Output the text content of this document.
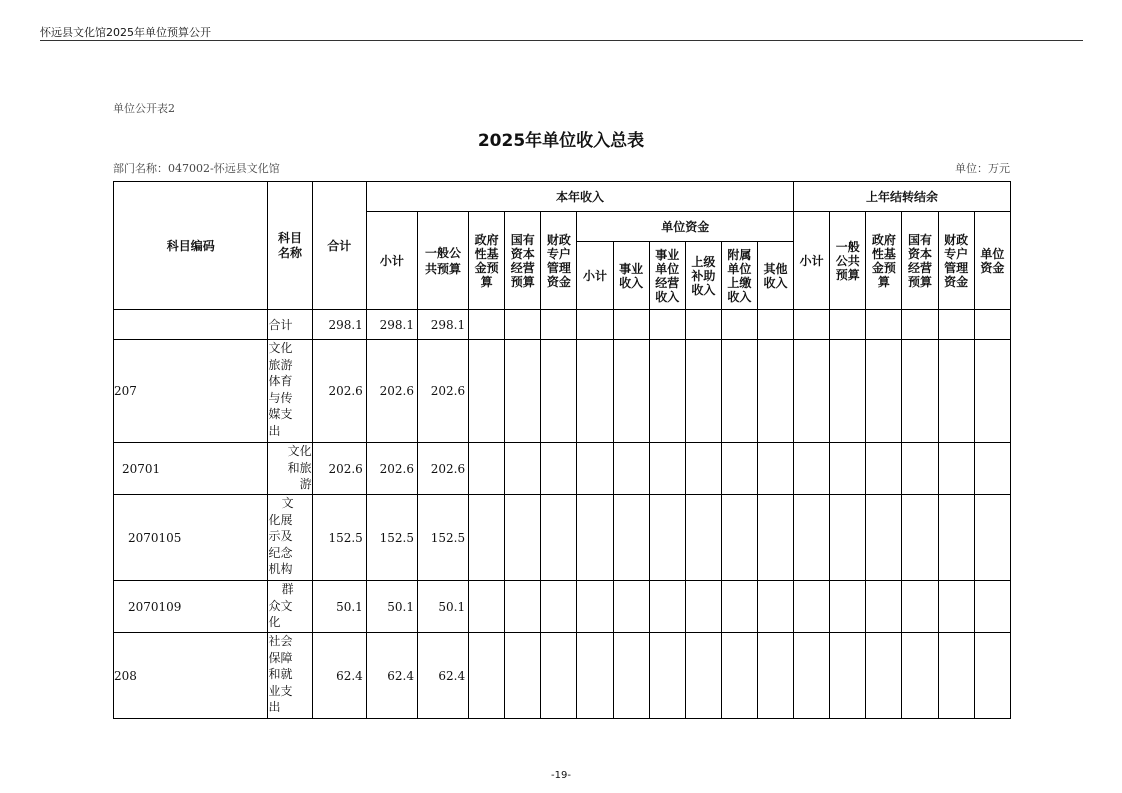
怀远县文化馆2025年单位预算公开
单位公开表2
2025年单位收入总表
部门名称：047002-怀远县文化馆	单位：万元
科目编码	科目名称	合计	本年收入											上年结转结余					
			小计	一般公共预算	政府性基金预算	国有资本经营预算	财政专户管理资金	单位资金						小计	一般公共预算	政府性基金预算	国有资本经营预算	财政专户管理资金	单位资金

								小计	事业收入	事业单位经营收入	上级补助收入	附属单位上缴收入	其他收入						

	合计	298.1	298.1	298.1															
207	文化旅游体育与传媒支出	202.6	202.6	202.6															
20701	文化和旅游	202.6	202.6	202.6															
2070105	文化展示及纪念机构	152.5	152.5	152.5															
2070109	群众文化	50.1	50.1	50.1															
208	社会保障和就业支出	62.4	62.4	62.4															
-19-
